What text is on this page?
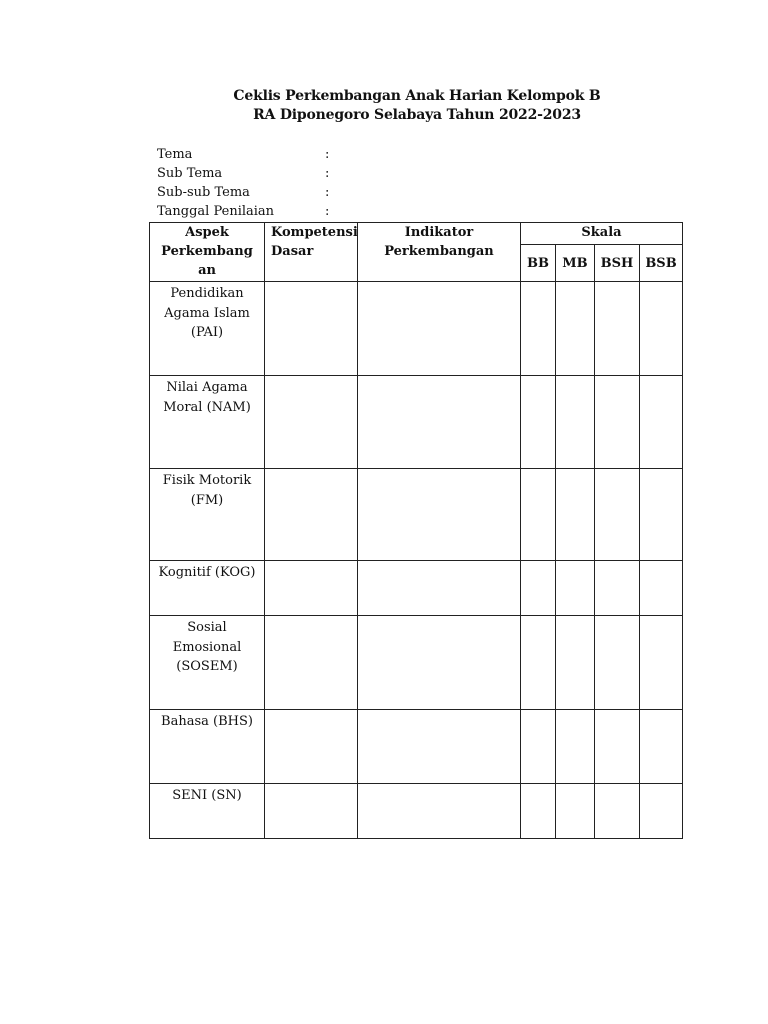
Ceklis Perkembangan Anak Harian Kelompok B
RA Diponegoro Selabaya Tahun 2022-2023
Tema	:
Sub Tema	:
Sub-sub Tema	:
Tanggal Penilaian	:
Aspek Perkembangan	Kompetensi Dasar	Indikator Perkembangan	Skala			
			BB	MB	BSH	BSB

Pendidikan Agama Islam (PAI)						

Nilai Agama Moral (NAM)						

Fisik Motorik (FM)						

Kognitif (KOG)						

Sosial Emosional (SOSEM)						

Bahasa (BHS)						

SENI (SN)						
